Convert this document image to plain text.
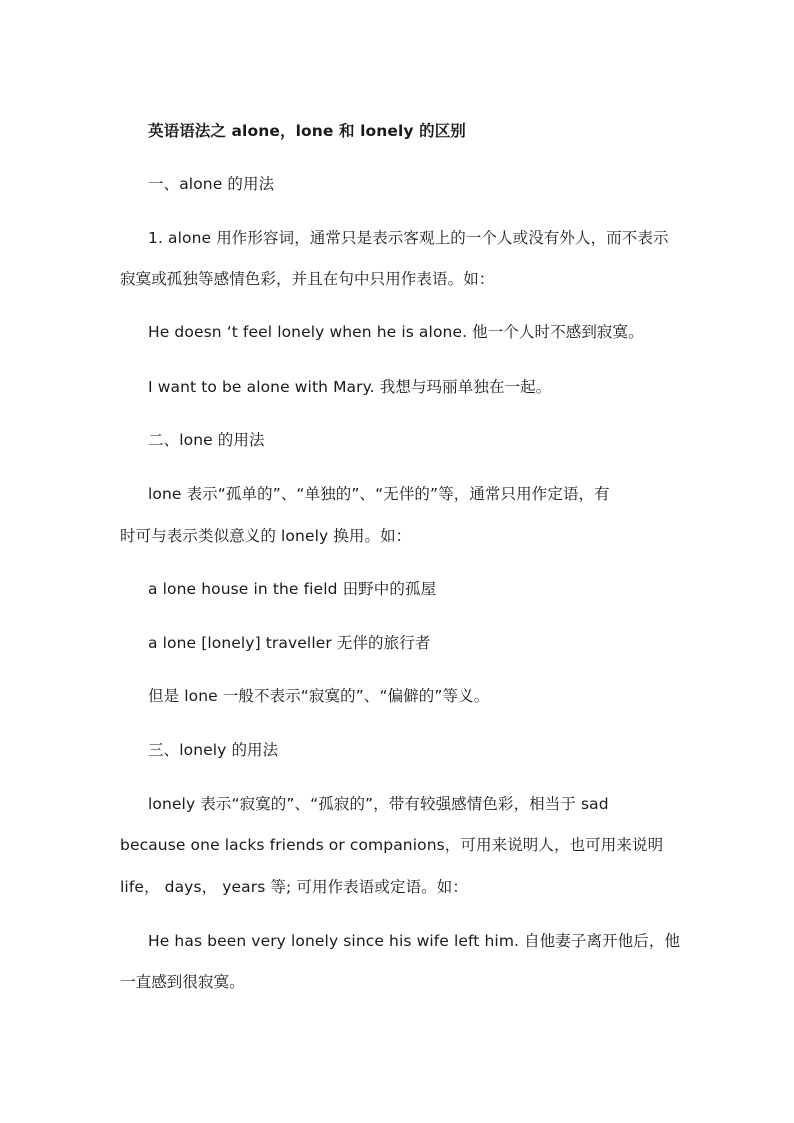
英语语法之 alone，lone 和 lonely 的区别
一、alone 的用法
1. alone 用作形容词，通常只是表示客观上的一个人或没有外人，而不表示
寂寞或孤独等感情色彩，并且在句中只用作表语。如：
He doesn ‘t feel lonely when he is alone. 他一个人时不感到寂寞。
I want to be alone with Mary. 我想与玛丽单独在一起。
二、lone 的用法
lone 表示“孤单的”、“单独的”、“无伴的”等，通常只用作定语，有
时可与表示类似意义的 lonely 换用。如：
a lone house in the field 田野中的孤屋
a lone [lonely] traveller 无伴的旅行者
但是 lone 一般不表示“寂寞的”、“偏僻的”等义。
三、lonely 的用法
lonely 表示“寂寞的”、“孤寂的”，带有较强感情色彩，相当于 sad
because one lacks friends or companions，可用来说明人，也可用来说明
life， days， years 等; 可用作表语或定语。如：
He has been very lonely since his wife left him. 自他妻子离开他后，他
一直感到很寂寞。
